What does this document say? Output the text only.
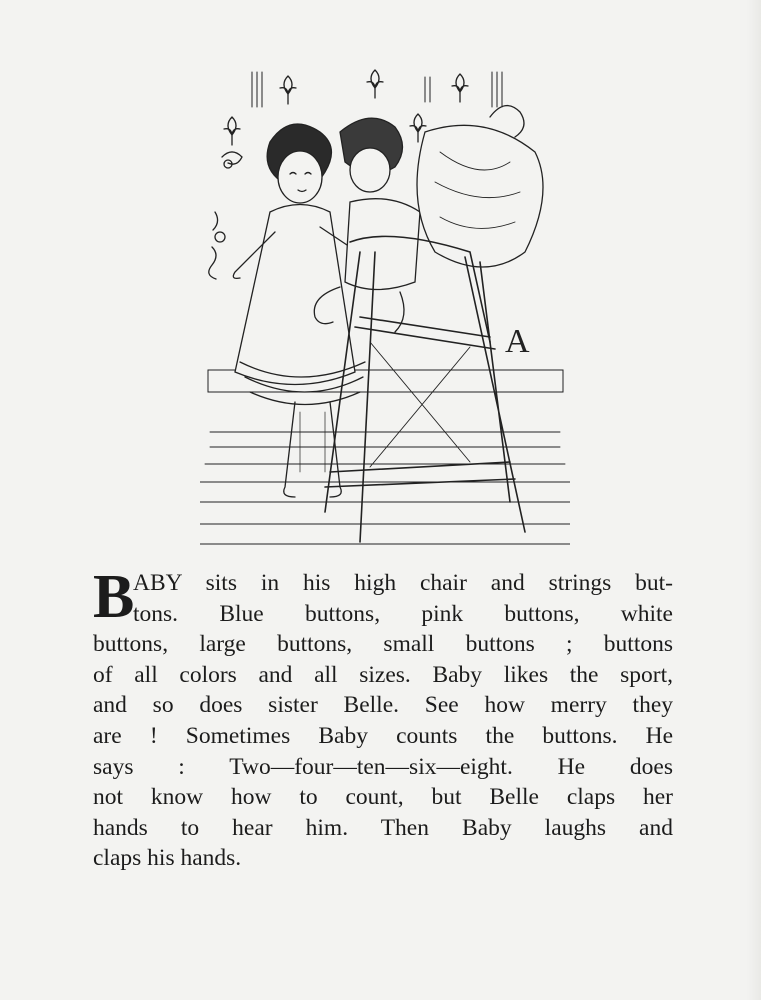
A
B
ABY sits in his high chair and strings but-
tons. Blue buttons, pink buttons, white
buttons, large buttons, small buttons ; buttons
of all colors and all sizes. Baby likes the sport,
and so does sister Belle. See how merry they
are ! Sometimes Baby counts the buttons. He
says : Two—four—ten—six—eight. He does
not know how to count, but Belle claps her
hands to hear him. Then Baby laughs and
claps his hands.
